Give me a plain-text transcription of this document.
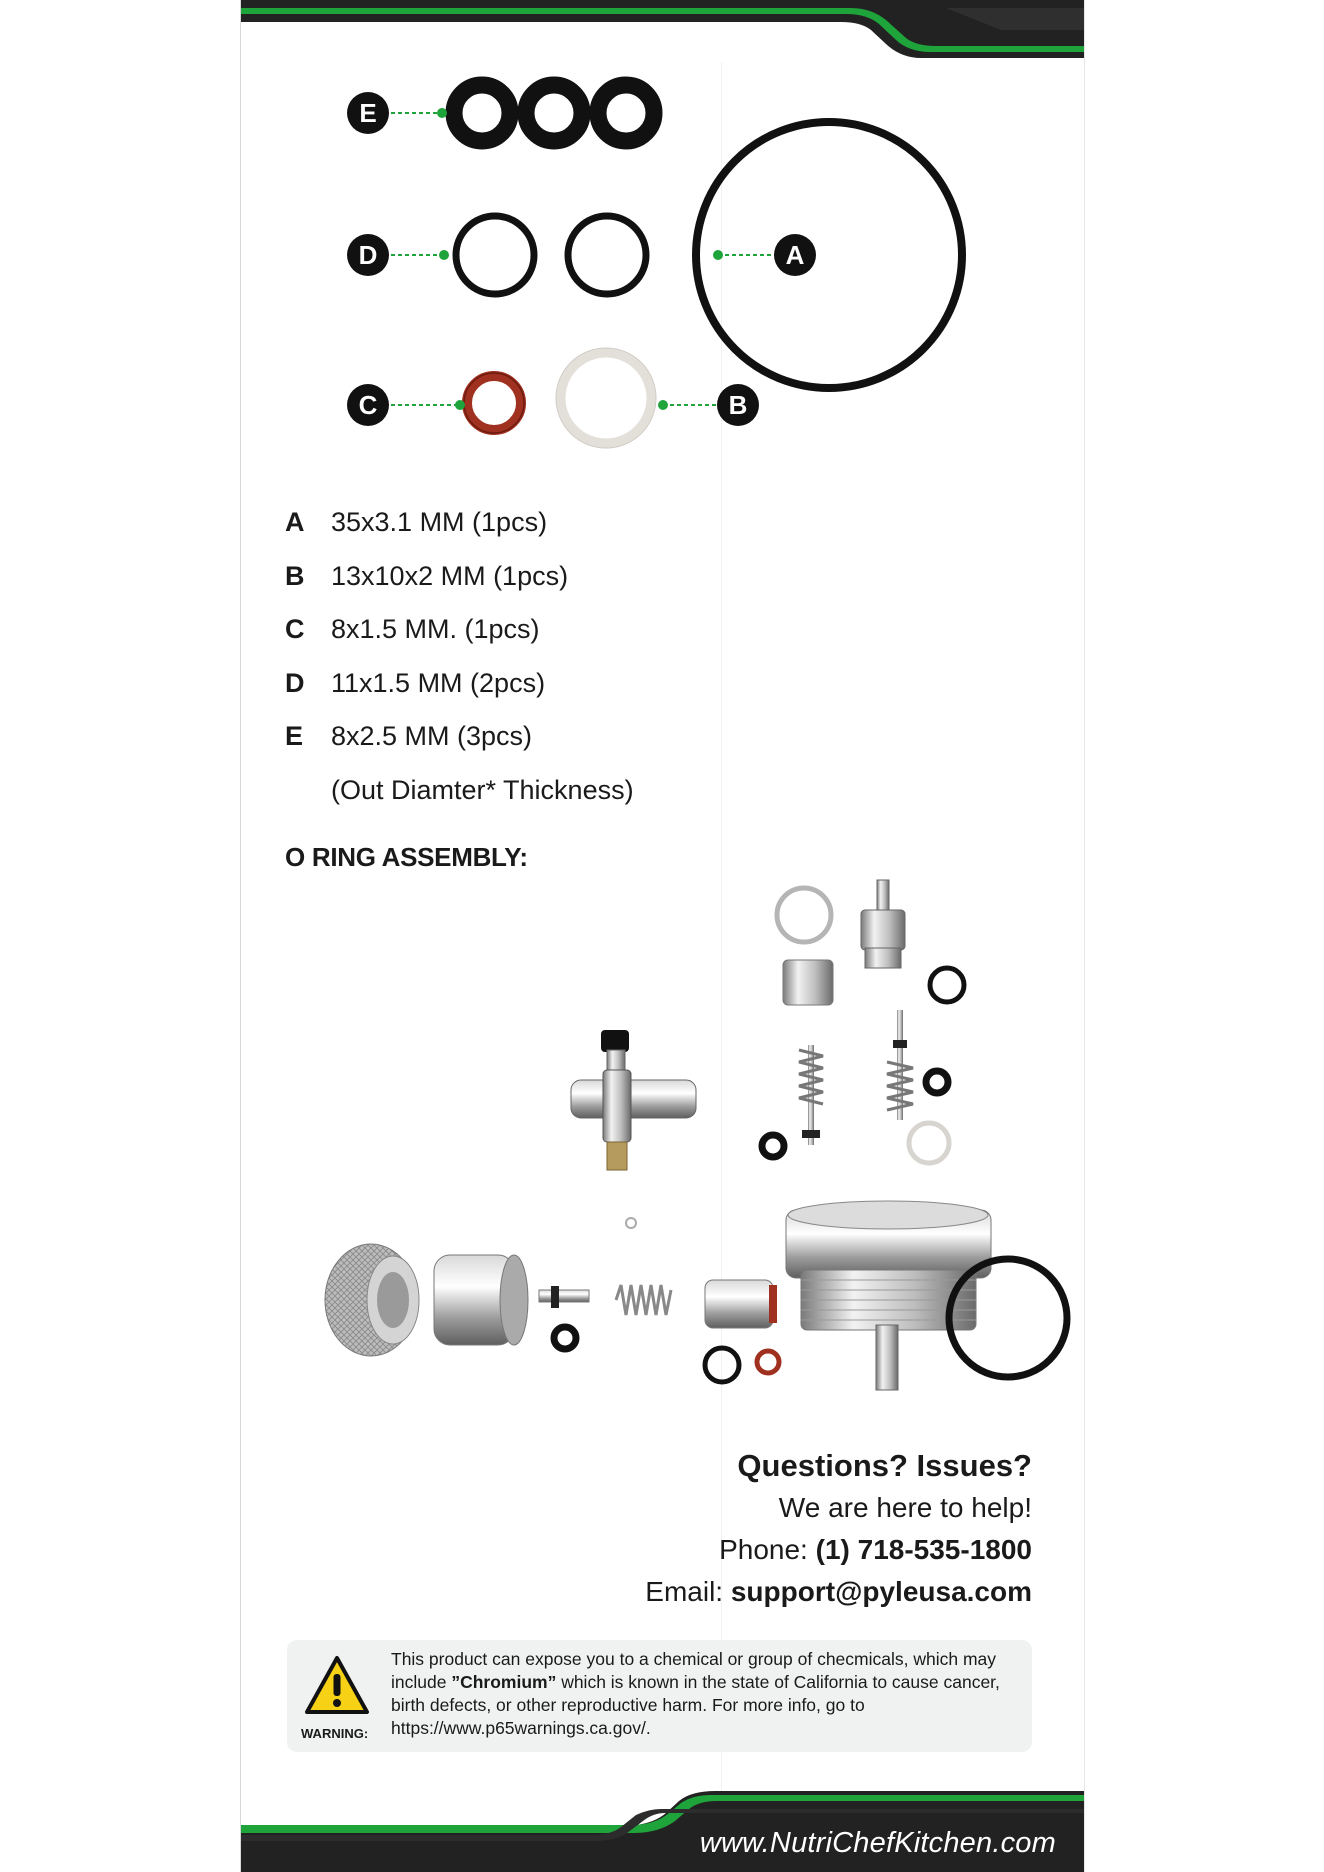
E
D	A
C	B
A 35x3.1 MM (1pcs)
B 13x10x2 MM (1pcs)
C 8x1.5 MM. (1pcs)
D 11x1.5 MM (2pcs)
E	8x2.5 MM (3pcs)
(Out Diamter* Thickness)
O RING ASSEMBLY:
Questions? Issues?
We are here to help!
Phone: (1) 718-535-1800
Email: support@pyleusa.com
WARNING:
This product can expose you to a chemical or group of checmicals, which may include ”Chromium” which is known in the state of California to cause cancer, birth defects, or other reproductive harm. For more info, go to https://www.p65warnings.ca.gov/.
www.NutriChefKitchen.com
